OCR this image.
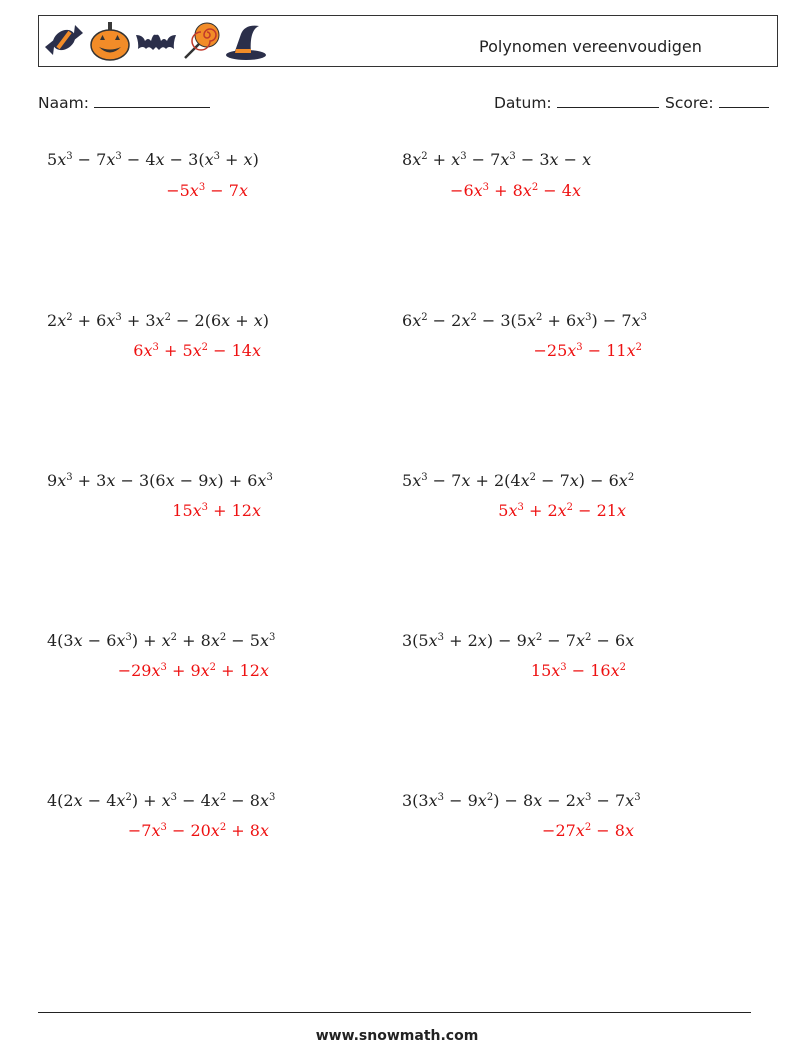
Polynomen vereenvoudigen
Naam:	Datum:	Score:
$5x^3 - 7x^3 - 4x - 3(x^3 + x)$
$-5x^3 - 7x$
$8x^2 + x^3 - 7x^3 - 3x - x$
$-6x^3 + 8x^2 - 4x$
$2x^2 + 6x^3 + 3x^2 - 2(6x + x)$
$6x^3 + 5x^2 - 14x$
$6x^2 - 2x^2 - 3(5x^2 + 6x^3) - 7x^3$
$-25x^3 - 11x^2$
$9x^3 + 3x - 3(6x - 9x) + 6x^3$
$15x^3 + 12x$
$5x^3 - 7x + 2(4x^2 - 7x) - 6x^2$
$5x^3 + 2x^2 - 21x$
$4(3x - 6x^3) + x^2 + 8x^2 - 5x^3$
$-29x^3 + 9x^2 + 12x$
$3(5x^3 + 2x) - 9x^2 - 7x^2 - 6x$
$15x^3 - 16x^2$
$4(2x - 4x^2) + x^3 - 4x^2 - 8x^3$
$-7x^3 - 20x^2 + 8x$
$3(3x^3 - 9x^2) - 8x - 2x^3 - 7x^3$
$-27x^2 - 8x$
www.snowmath.com
